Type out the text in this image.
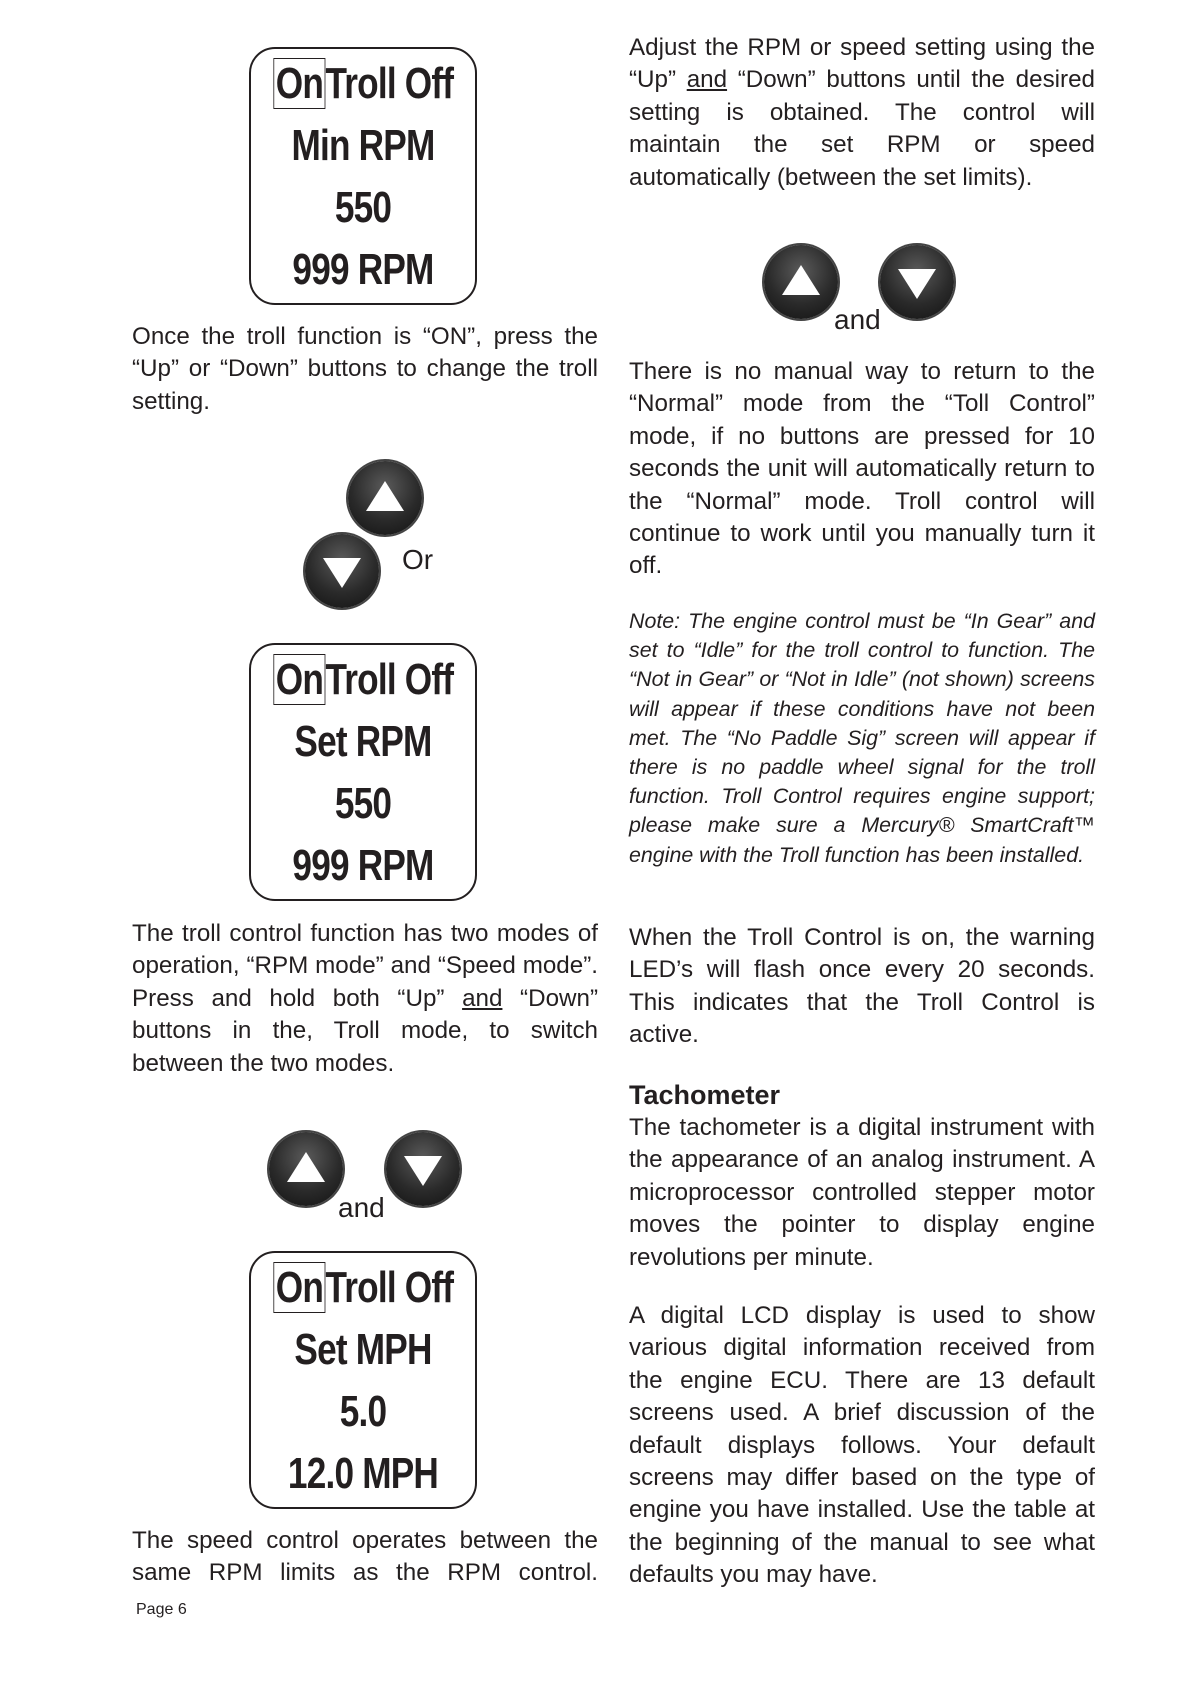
OnTroll Off
Min RPM
550
999 RPM

Once the troll function is “ON”, press the “Up” or “Down” buttons to change the troll setting.

Or
OnTroll Off
Set RPM
550
999 RPM

The troll control function has two modes of operation, “RPM mode” and “Speed mode”. Press and hold both “Up” and “Down” buttons in the, Troll mode, to switch between the two modes.

and
OnTroll Off
Set MPH
5.0
12.0 MPH

The speed control operates between the same RPM limits as the RPM control.

Page 6

Adjust the RPM or speed setting using the “Up” and “Down” buttons until the desired setting is obtained. The control will maintain the set RPM or speed automatically (between the set limits).

and

There is no manual way to return to the “Normal” mode from the “Toll Control” mode, if no buttons are pressed for 10 seconds the unit will automatically return to the “Normal” mode. Troll control will continue to work until you manually turn it off.

Note: The engine control must be “In Gear” and set to “Idle” for the troll control to function. The “Not in Gear” or “Not in Idle” (not shown) screens will appear if these conditions have not been met. The “No Paddle Sig” screen will appear if there is no paddle wheel signal for the troll function. Troll Control requires engine support; please make sure a Mercury® SmartCraft™ engine with the Troll function has been installed.

When the Troll Control is on, the warning LED’s will flash once every 20 seconds. This indicates that the Troll Control is active.

Tachometer

The tachometer is a digital instrument with the appearance of an analog instrument. A microprocessor controlled stepper motor moves the pointer to display engine revolutions per minute.

A digital LCD display is used to show various digital information received from the engine ECU. There are 13 default screens used. A brief discussion of the default displays follows. Your default screens may differ based on the type of engine you have installed. Use the table at the beginning of the manual to see what defaults you may have.
